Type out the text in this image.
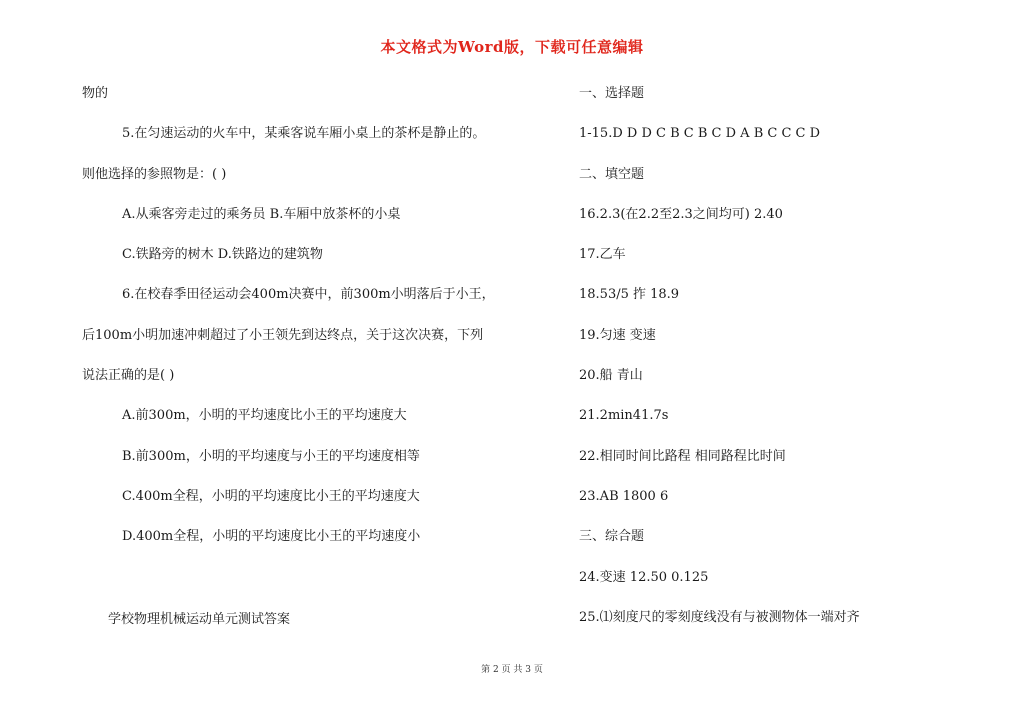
本文格式为Word版，下载可任意编辑
物的
5.在匀速运动的火车中，某乘客说车厢小桌上的茶杯是静止的。
则他选择的参照物是：( )
A.从乘客旁走过的乘务员 B.车厢中放茶杯的小桌
C.铁路旁的树木 D.铁路边的建筑物
6.在校春季田径运动会400m决赛中，前300m小明落后于小王，
后100m小明加速冲刺超过了小王领先到达终点，关于这次决赛，下列
说法正确的是( )
A.前300m，小明的平均速度比小王的平均速度大
B.前300m，小明的平均速度与小王的平均速度相等
C.400m全程，小明的平均速度比小王的平均速度大
D.400m全程，小明的平均速度比小王的平均速度小
学校物理机械运动单元测试答案
一、选择题
1-15.D D D C B C B C D A B C C C D
二、填空题
16.2.3(在2.2至2.3之间均可) 2.40
17.乙车
18.53/5 拃 18.9
19.匀速 变速
20.船 青山
21.2min41.7s
22.相同时间比路程 相同路程比时间
23.AB 1800 6
三、综合题
24.变速 12.50 0.125
25.⑴刻度尺的零刻度线没有与被测物体一端对齐
第 2 页 共 3 页
